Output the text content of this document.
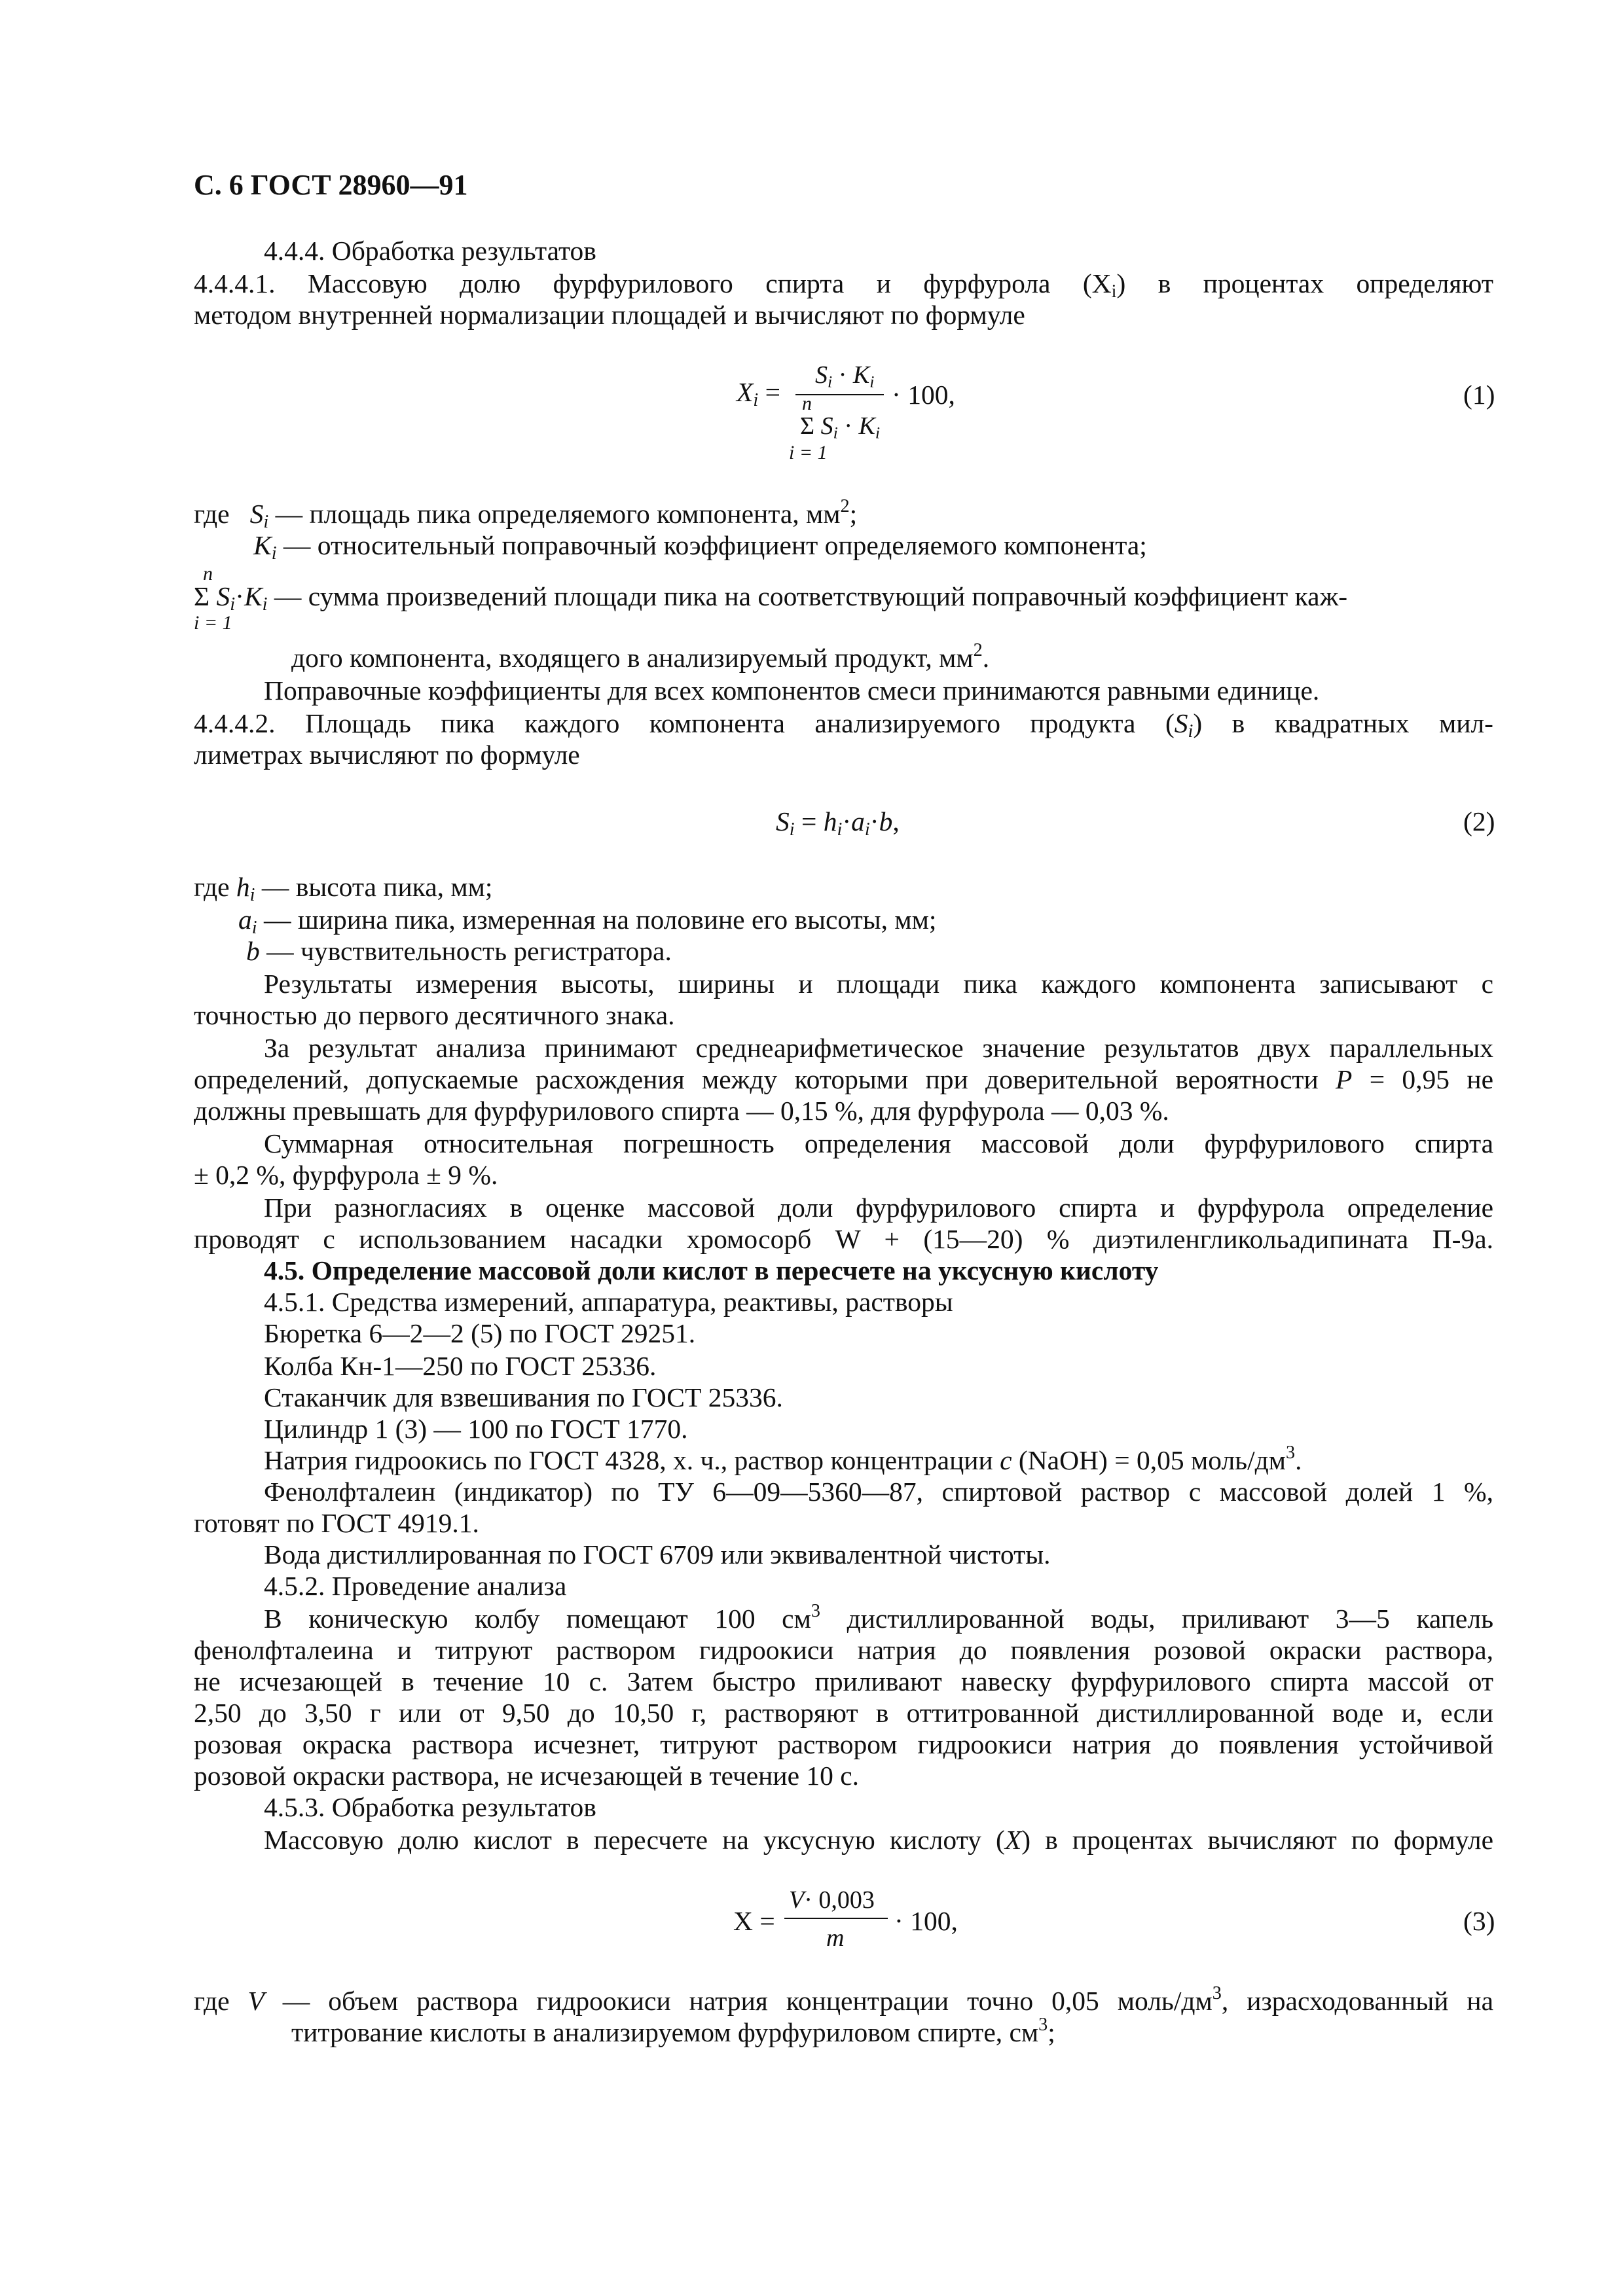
С. 6 ГОСТ 28960—91
4.4.4. Обработка результатов
4.4.4.1. Массовую долю фурфурилового спирта и фурфурола $(X_i)$ в процентах определяют
методом внутренней нормализации площадей и вычисляют по формуле
$X_i$ =
$S_i \cdot K_i$
n
Σ $S_i \cdot K_i$
i = 1
· 100,	(1)
где   $S_i$ — площадь пика определяемого компонента, $мм^2$;
$K_i$ — относительный поправочный коэффициент определяемого компонента;
n
Σ $S_i\cdot K_i$ — сумма произведений площади пика на соответствующий поправочный коэффициент каж-
i = 1
дого компонента, входящего в анализируемый продукт, $мм^2$.
Поправочные коэффициенты для всех компонентов смеси принимаются равными единице.
4.4.4.2. Площадь пика каждого компонента анализируемого продукта $(S_i)$ в квадратных мил-
лиметрах вычисляют по формуле
$S_i = h_i\cdot a_i\cdot b$,	(2)
где $h_i$ — высота пика, мм;
$a_i$ — ширина пика, измеренная на половине его высоты, мм;
b — чувствительность регистратора.
Результаты измерения высоты, ширины и площади пика каждого компонента записывают с
точностью до первого десятичного знака.
За результат анализа принимают среднеарифметическое значение результатов двух параллельных
определений, допускаемые расхождения между которыми при доверительной вероятности P = 0,95 не
должны превышать для фурфурилового спирта — 0,15 %, для фурфурола — 0,03 %.
Суммарная относительная погрешность определения массовой доли фурфурилового спирта
± 0,2 %, фурфурола ± 9 %.
При разногласиях в оценке массовой доли фурфурилового спирта и фурфурола определение
проводят с использованием насадки хромосорб W + (15—20) % диэтиленгликольадипината П-9а.
4.5. Определение массовой доли кислот в пересчете на уксусную кислоту
4.5.1. Средства измерений, аппаратура, реактивы, растворы
Бюретка 6—2—2 (5) по ГОСТ 29251.
Колба Кн-1—250 по ГОСТ 25336.
Стаканчик для взвешивания по ГОСТ 25336.
Цилиндр 1 (3) — 100 по ГОСТ 1770.
Натрия гидроокись по ГОСТ 4328, х. ч., раствор концентрации c (NaOH) = 0,05 моль/$дм^3$.
Фенолфталеин (индикатор) по ТУ 6—09—5360—87, спиртовой раствор с массовой долей 1 %,
готовят по ГОСТ 4919.1.
Вода дистиллированная по ГОСТ 6709 или эквивалентной чистоты.
4.5.2. Проведение анализа
В коническую колбу помещают 100 $см^3$ дистиллированной воды, приливают 3—5 капель
фенолфталеина и титруют раствором гидроокиси натрия до появления розовой окраски раствора,
не исчезающей в течение 10 с. Затем быстро приливают навеску фурфурилового спирта массой от
2,50 до 3,50 г или от 9,50 до 10,50 г, растворяют в оттитрованной дистиллированной воде и, если
розовая окраска раствора исчезнет, титруют раствором гидроокиси натрия до появления устойчивой
розовой окраски раствора, не исчезающей в течение 10 с.
4.5.3. Обработка результатов
Массовую долю кислот в пересчете на уксусную кислоту (X) в процентах вычисляют по формуле
X =
V· 0,003
m
· 100,	(3)
где V — объем раствора гидроокиси натрия концентрации точно 0,05 моль/$дм^3$, израсходованный на
титрование кислоты в анализируемом фурфуриловом спирте, $см^3$;
